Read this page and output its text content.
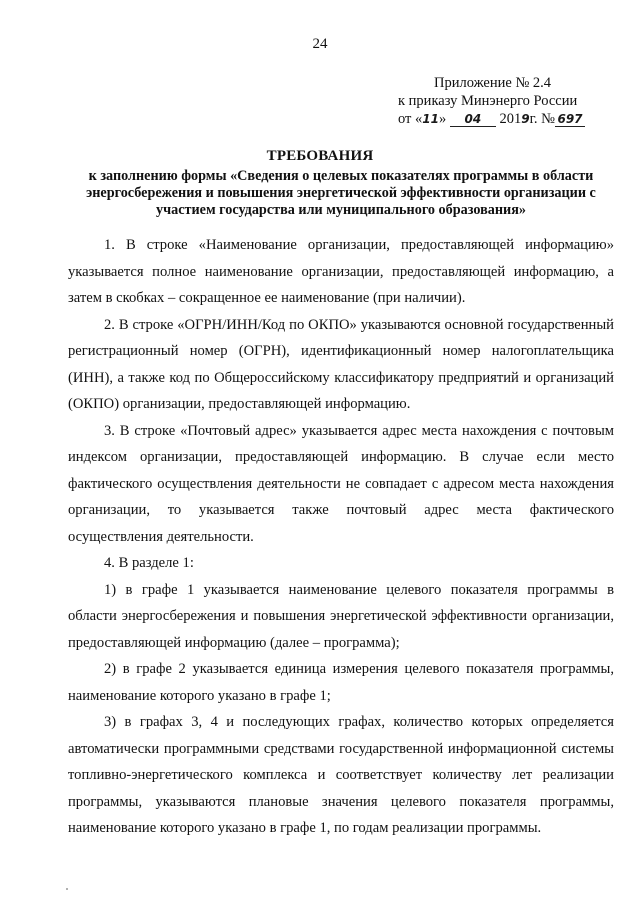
24
Приложение № 2.4
к приказу Минэнерго России
от «11» 04 2019г. № 697
ТРЕБОВАНИЯ
к заполнению формы «Сведения о целевых показателях программы в области энергосбережения и повышения энергетической эффективности организации с участием государства или муниципального образования»

1. В строке «Наименование организации, предоставляющей информацию» указывается полное наименование организации, предоставляющей информацию, а затем в скобках – сокращенное ее наименование (при наличии).

2. В строке «ОГРН/ИНН/Код по ОКПО» указываются основной государственный регистрационный номер (ОГРН), идентификационный номер налогоплательщика (ИНН), а также код по Общероссийскому классификатору предприятий и организаций (ОКПО) организации, предоставляющей информацию.

3. В строке «Почтовый адрес» указывается адрес места нахождения с почтовым индексом организации, предоставляющей информацию. В случае если место фактического осуществления деятельности не совпадает с адресом места нахождения организации, то указывается также почтовый адрес места фактического осуществления деятельности.

4. В разделе 1:

1) в графе 1 указывается наименование целевого показателя программы в области энергосбережения и повышения энергетической эффективности организации, предоставляющей информацию (далее – программа);

2) в графе 2 указывается единица измерения целевого показателя программы, наименование которого указано в графе 1;

3) в графах 3, 4 и последующих графах, количество которых определяется автоматически программными средствами государственной информационной системы топливно-энергетического комплекса и соответствует количеству лет реализации программы, указываются плановые значения целевого показателя программы, наименование которого указано в графе 1, по годам реализации программы.
